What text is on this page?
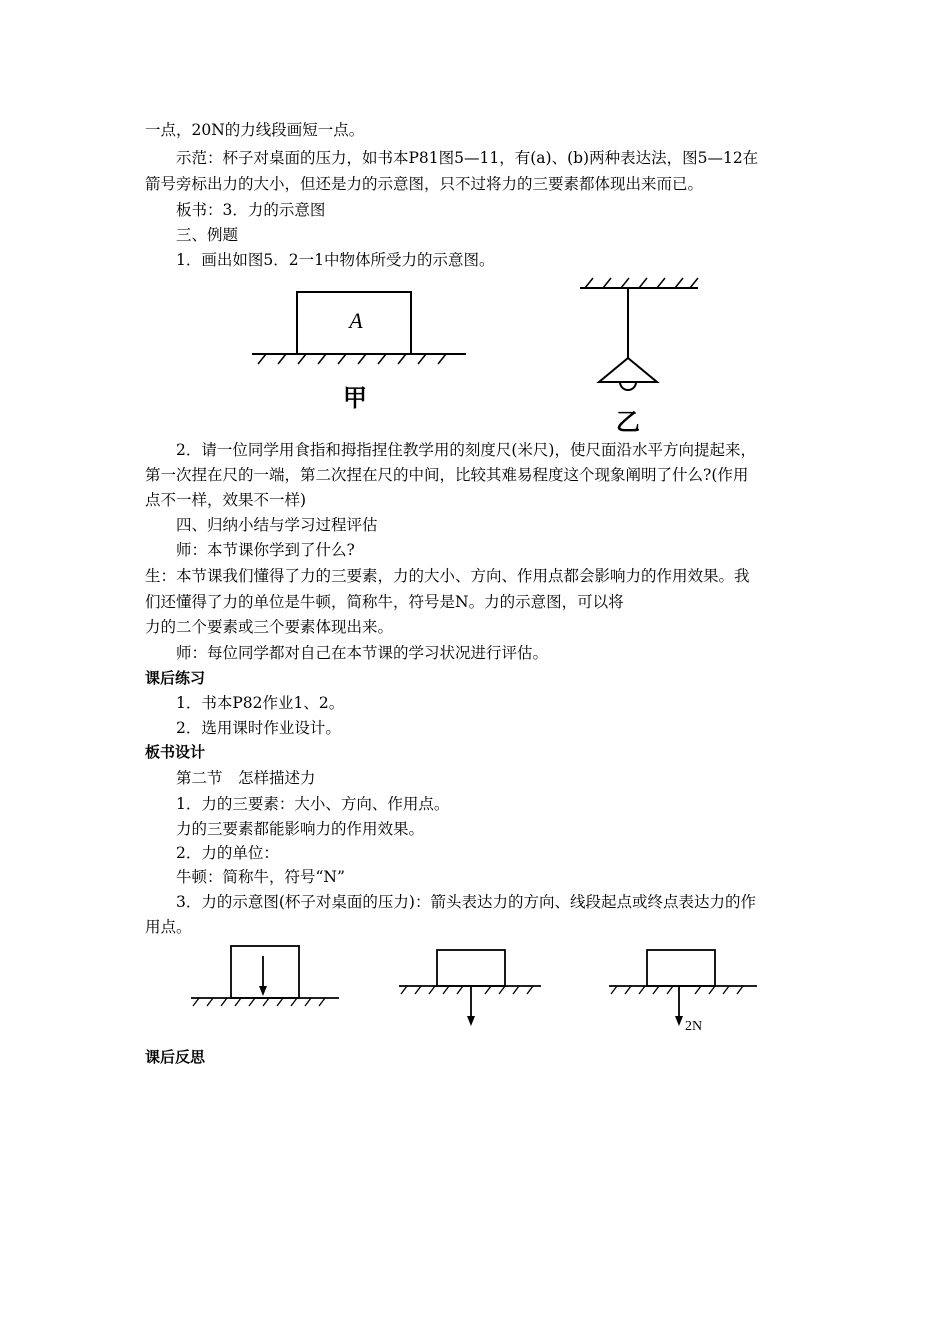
一点，20N的力线段画短一点。
示范：杯子对桌面的压力，如书本P81图5—11，有(a)、(b)两种表达法，图5—12在
箭号旁标出力的大小，但还是力的示意图，只不过将力的三要素都体现出来而已。
板书：3．力的示意图
三、例题
1．画出如图5．2一1中物体所受力的示意图。
A
甲
乙
2．请一位同学用食指和拇指捏住教学用的刻度尺(米尺)，使尺面沿水平方向提起来，
第一次捏在尺的一端，第二次捏在尺的中间，比较其难易程度这个现象阐明了什么?(作用
点不一样，效果不一样)
四、归纳小结与学习过程评估
师：本节课你学到了什么?
生：本节课我们懂得了力的三要素，力的大小、方向、作用点都会影响力的作用效果。我
们还懂得了力的单位是牛顿，简称牛，符号是N。力的示意图，可以将
力的二个要素或三个要素体现出来。
师：每位同学都对自己在本节课的学习状况进行评估。
课后练习
1．书本P82作业1、2。
2．选用课时作业设计。
板书设计
第二节　怎样描述力
1．力的三要素：大小、方向、作用点。
力的三要素都能影响力的作用效果。
2．力的单位：
牛顿：简称牛，符号“N”
3．力的示意图(杯子对桌面的压力)：箭头表达力的方向、线段起点或终点表达力的作
用点。
2N
课后反思
